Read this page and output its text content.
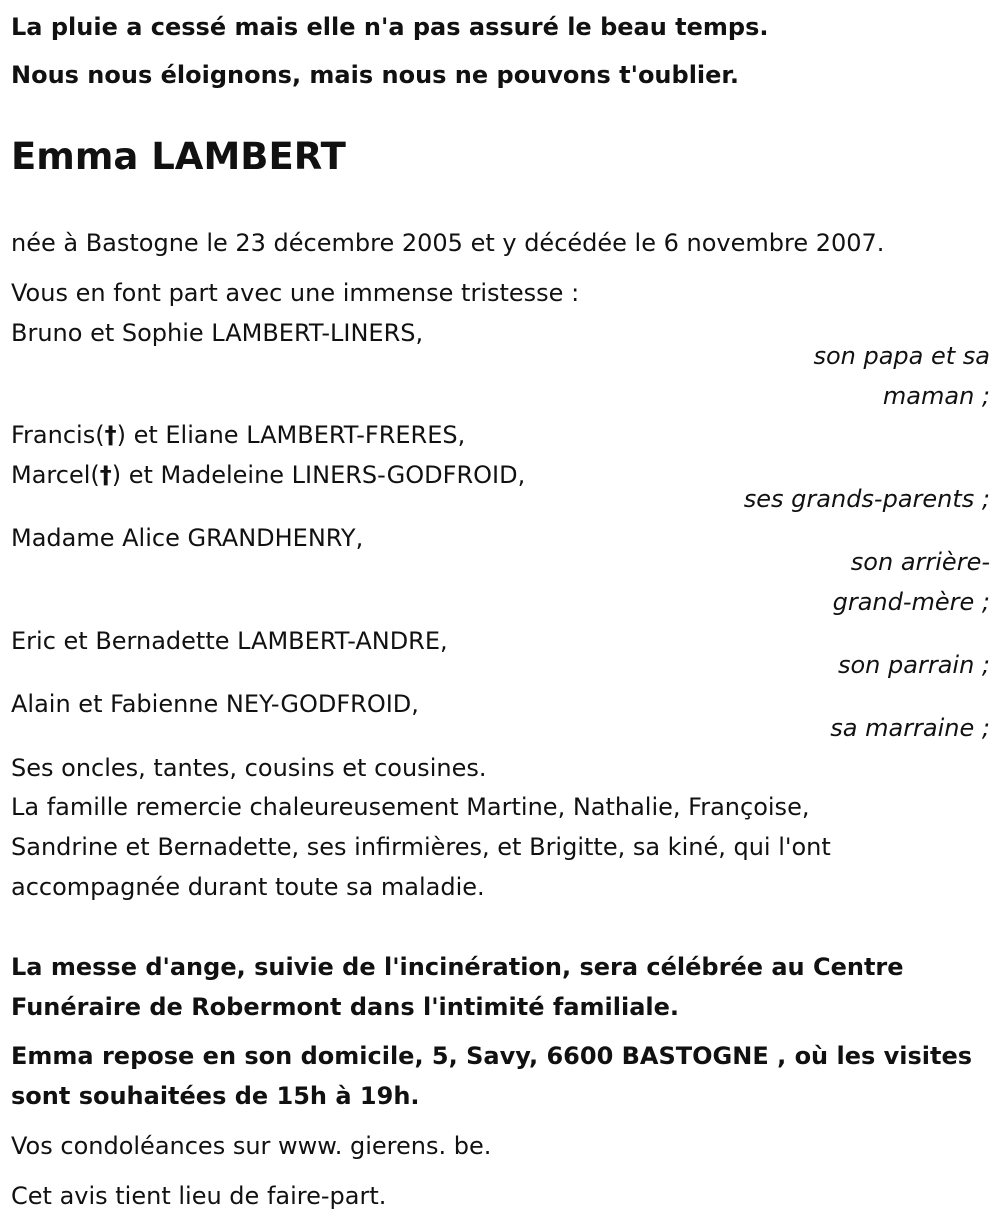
La pluie a cessé mais elle n'a pas assuré le beau temps.
Nous nous éloignons, mais nous ne pouvons t'oublier.
Emma LAMBERT
née à Bastogne le 23 décembre 2005 et y décédée le 6 novembre 2007.
Vous en font part avec une immense tristesse :
Bruno et Sophie LAMBERT-LINERS,
son papa et sa
maman ;
Francis(†) et Eliane LAMBERT-FRERES,
Marcel(†) et Madeleine LINERS-GODFROID,
ses grands-parents ;
Madame Alice GRANDHENRY,
son arrière-
grand-mère ;
Eric et Bernadette LAMBERT-ANDRE,
son parrain ;
Alain et Fabienne NEY-GODFROID,
sa marraine ;
Ses oncles, tantes, cousins et cousines.
La famille remercie chaleureusement Martine, Nathalie, Françoise,
Sandrine et Bernadette, ses infirmières, et Brigitte, sa kiné, qui l'ont
accompagnée durant toute sa maladie.
La messe d'ange, suivie de l'incinération, sera célébrée au Centre
Funéraire de Robermont dans l'intimité familiale.
Emma repose en son domicile, 5, Savy, 6600 BASTOGNE , où les visites
sont souhaitées de 15h à 19h.
Vos condoléances sur www. gierens. be.
Cet avis tient lieu de faire-part.
